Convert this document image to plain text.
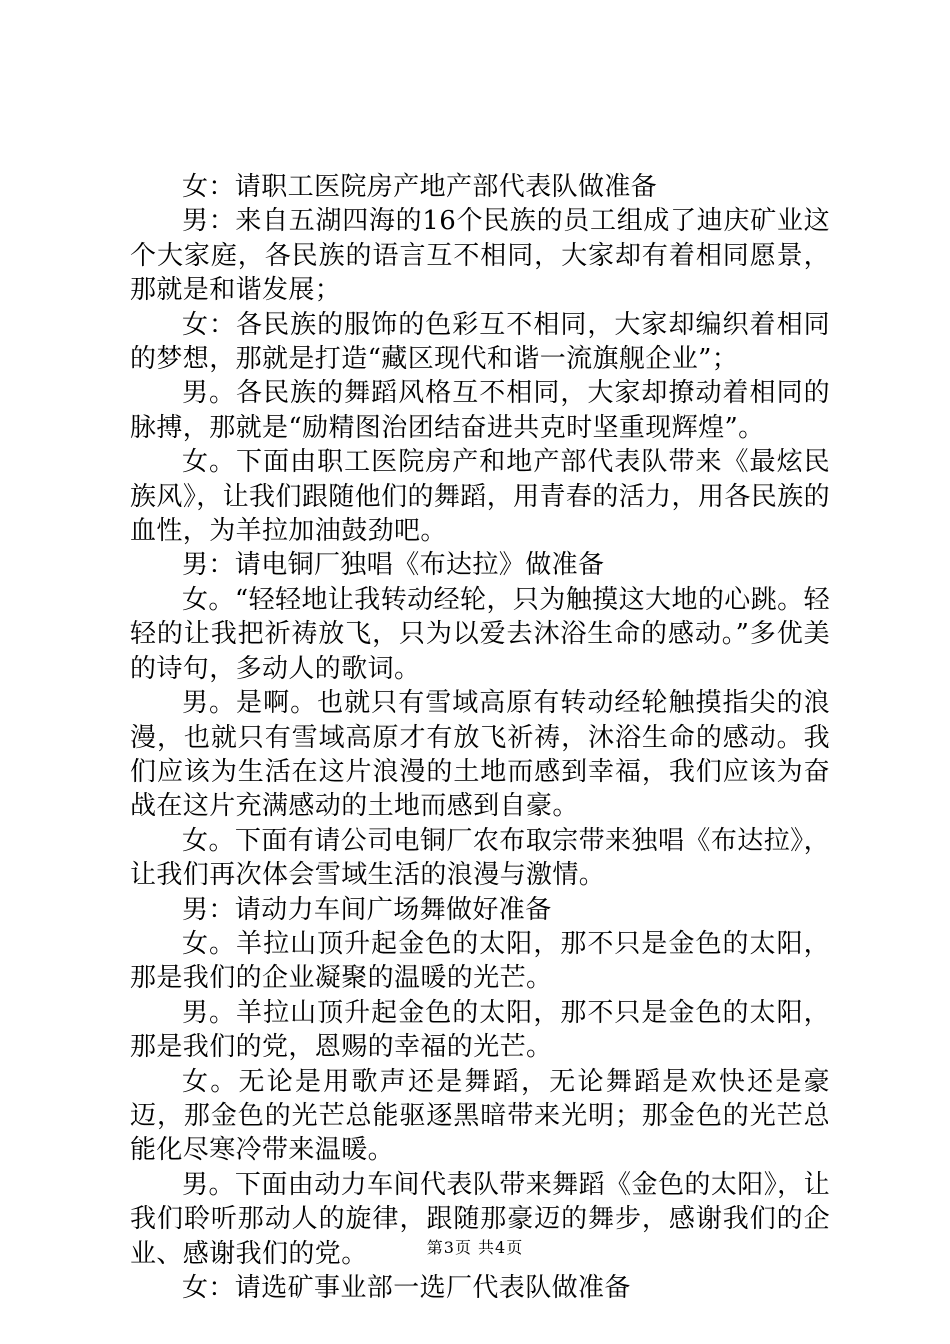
女：请职工医院房产地产部代表队做准备

男：来自五湖四海的16个民族的员工组成了迪庆矿业这个大家庭，各民族的语言互不相同，大家却有着相同愿景，那就是和谐发展；

女：各民族的服饰的色彩互不相同，大家却编织着相同的梦想，那就是打造“藏区现代和谐一流旗舰企业”；

男。各民族的舞蹈风格互不相同，大家却撩动着相同的脉搏，那就是“励精图治团结奋进共克时坚重现辉煌”。

女。下面由职工医院房产和地产部代表队带来《最炫民族风》，让我们跟随他们的舞蹈，用青春的活力，用各民族的血性，为羊拉加油鼓劲吧。

男：请电铜厂独唱《布达拉》做准备

女。“轻轻地让我转动经轮，只为触摸这大地的心跳。轻轻的让我把祈祷放飞，只为以爱去沐浴生命的感动。”多优美的诗句，多动人的歌词。

男。是啊。也就只有雪域高原有转动经轮触摸指尖的浪漫，也就只有雪域高原才有放飞祈祷，沐浴生命的感动。我们应该为生活在这片浪漫的土地而感到幸福，我们应该为奋战在这片充满感动的土地而感到自豪。

女。下面有请公司电铜厂农布取宗带来独唱《布达拉》，让我们再次体会雪域生活的浪漫与激情。

男：请动力车间广场舞做好准备

女。羊拉山顶升起金色的太阳，那不只是金色的太阳，那是我们的企业凝聚的温暖的光芒。

男。羊拉山顶升起金色的太阳，那不只是金色的太阳，那是我们的党，恩赐的幸福的光芒。

女。无论是用歌声还是舞蹈，无论舞蹈是欢快还是豪迈，那金色的光芒总能驱逐黑暗带来光明；那金色的光芒总能化尽寒冷带来温暖。

男。下面由动力车间代表队带来舞蹈《金色的太阳》，让我们聆听那动人的旋律，跟随那豪迈的舞步，感谢我们的企业、感谢我们的党。

女：请选矿事业部一选厂代表队做准备

第3页 共4页
